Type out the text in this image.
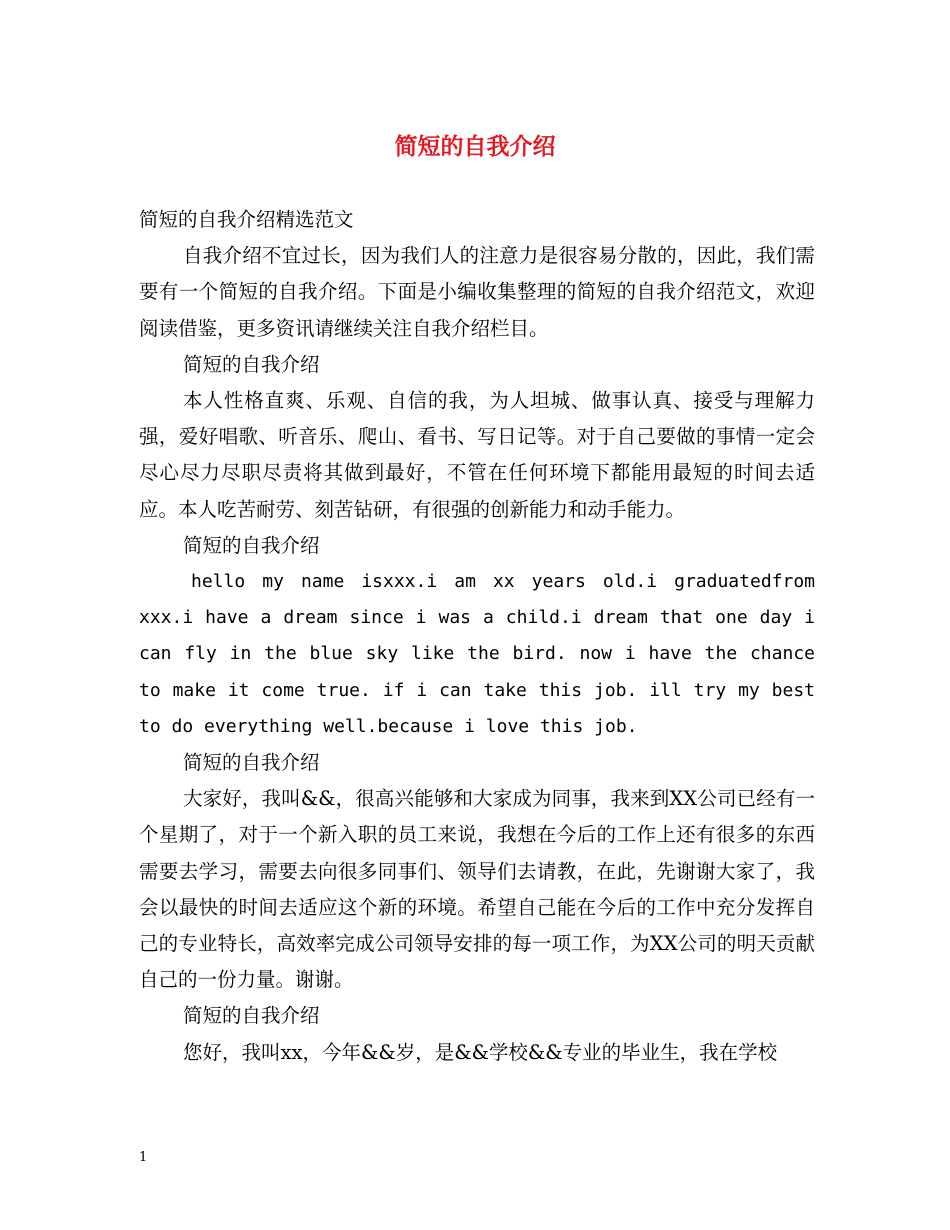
简短的自我介绍

简短的自我介绍精选范文

自我介绍不宜过长，因为我们人的注意力是很容易分散的，因此，我们需要有一个简短的自我介绍。下面是小编收集整理的简短的自我介绍范文，欢迎阅读借鉴，更多资讯请继续关注自我介绍栏目。

简短的自我介绍

本人性格直爽、乐观、自信的我，为人坦城、做事认真、接受与理解力强，爱好唱歌、听音乐、爬山、看书、写日记等。对于自己要做的事情一定会尽心尽力尽职尽责将其做到最好，不管在任何环境下都能用最短的时间去适应。本人吃苦耐劳、刻苦钻研，有很强的创新能力和动手能力。

简短的自我介绍

hello my name isxxx.i am xx years old.i graduatedfrom xxx.i have a dream since i was a child.i dream that one day i can fly in the blue sky like the bird. now i have the chance to make it come true. if i can take this job. ill try my best to do everything well.because i love this job.

简短的自我介绍

大家好，我叫&&，很高兴能够和大家成为同事，我来到XX公司已经有一个星期了，对于一个新入职的员工来说，我想在今后的工作上还有很多的东西需要去学习，需要去向很多同事们、领导们去请教，在此，先谢谢大家了，我会以最快的时间去适应这个新的环境。希望自己能在今后的工作中充分发挥自己的专业特长，高效率完成公司领导安排的每一项工作，为XX公司的明天贡献自己的一份力量。谢谢。

简短的自我介绍

您好，我叫xx，今年&&岁，是&&学校&&专业的毕业生，我在学校

1
